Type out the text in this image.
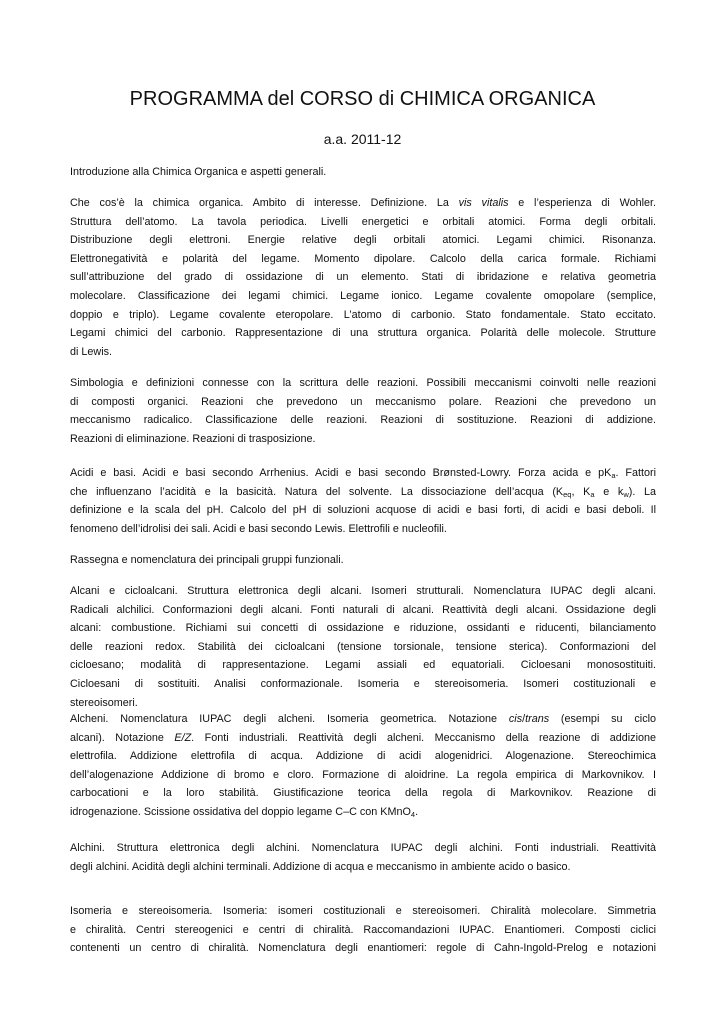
PROGRAMMA del CORSO di CHIMICA ORGANICA
a.a. 2011-12
Introduzione alla Chimica Organica e aspetti generali.
Che cos’è la chimica organica. Ambito di interesse. Definizione. La vis vitalis e l’esperienza di Wohler.
Struttura dell’atomo. La tavola periodica. Livelli energetici e orbitali atomici. Forma degli orbitali.
Distribuzione degli elettroni. Energie relative degli orbitali atomici. Legami chimici. Risonanza.
Elettronegatività e polarità del legame. Momento dipolare. Calcolo della carica formale. Richiami
sull’attribuzione del grado di ossidazione di un elemento. Stati di ibridazione e relativa geometria
molecolare. Classificazione dei legami chimici. Legame ionico. Legame covalente omopolare (semplice,
doppio e triplo). Legame covalente eteropolare. L’atomo di carbonio. Stato fondamentale. Stato eccitato.
Legami chimici del carbonio. Rappresentazione di una struttura organica. Polarità delle molecole. Strutture
di Lewis.
Simbologia e definizioni connesse con la scrittura delle reazioni. Possibili meccanismi coinvolti nelle reazioni
di composti organici. Reazioni che prevedono un meccanismo polare. Reazioni che prevedono un
meccanismo radicalico. Classificazione delle reazioni. Reazioni di sostituzione. Reazioni di addizione.
Reazioni di eliminazione. Reazioni di trasposizione.
Acidi e basi. Acidi e basi secondo Arrhenius. Acidi e basi secondo Brønsted-Lowry. Forza acida e $pK_a$. Fattori
che influenzano l’acidità e la basicità. Natura del solvente. La dissociazione dell’acqua ($K_{eq}$, $K_a$ e $k_w$). La
definizione e la scala del pH. Calcolo del pH di soluzioni acquose di acidi e basi forti, di acidi e basi deboli. Il
fenomeno dell’idrolisi dei sali. Acidi e basi secondo Lewis. Elettrofili e nucleofili.
Rassegna e nomenclatura dei principali gruppi funzionali.
Alcani e cicloalcani. Struttura elettronica degli alcani. Isomeri strutturali. Nomenclatura IUPAC degli alcani.
Radicali alchilici. Conformazioni degli alcani. Fonti naturali di alcani. Reattività degli alcani. Ossidazione degli
alcani: combustione. Richiami sui concetti di ossidazione e riduzione, ossidanti e riducenti, bilanciamento
delle reazioni redox. Stabilità dei cicloalcani (tensione torsionale, tensione sterica). Conformazioni del
cicloesano; modalità di rappresentazione. Legami assiali ed equatoriali. Cicloesani monosostituiti.
Cicloesani di sostituiti. Analisi conformazionale. Isomeria e stereoisomeria. Isomeri costituzionali e
stereoisomeri.
Alcheni. Nomenclatura IUPAC degli alcheni. Isomeria geometrica. Notazione cis/trans (esempi su ciclo
alcani). Notazione E/Z. Fonti industriali. Reattività degli alcheni. Meccanismo della reazione di addizione
elettrofila. Addizione elettrofila di acqua. Addizione di acidi alogenidrici. Alogenazione. Stereochimica
dell’alogenazione Addizione di bromo e cloro. Formazione di aloidrine. La regola empirica di Markovnikov. I
carbocationi e la loro stabilità. Giustificazione teorica della regola di Markovnikov. Reazione di
idrogenazione. Scissione ossidativa del doppio legame C–C con KMnO$_4$.
Alchini. Struttura elettronica degli alchini. Nomenclatura IUPAC degli alchini. Fonti industriali. Reattività
degli alchini. Acidità degli alchini terminali. Addizione di acqua e meccanismo in ambiente acido o basico.
Isomeria e stereoisomeria. Isomeria: isomeri costituzionali e stereoisomeri. Chiralità molecolare. Simmetria
e chiralità. Centri stereogenici e centri di chiralità. Raccomandazioni IUPAC. Enantiomeri. Composti ciclici
contenenti un centro di chiralità. Nomenclatura degli enantiomeri: regole di Cahn-Ingold-Prelog e notazioni
